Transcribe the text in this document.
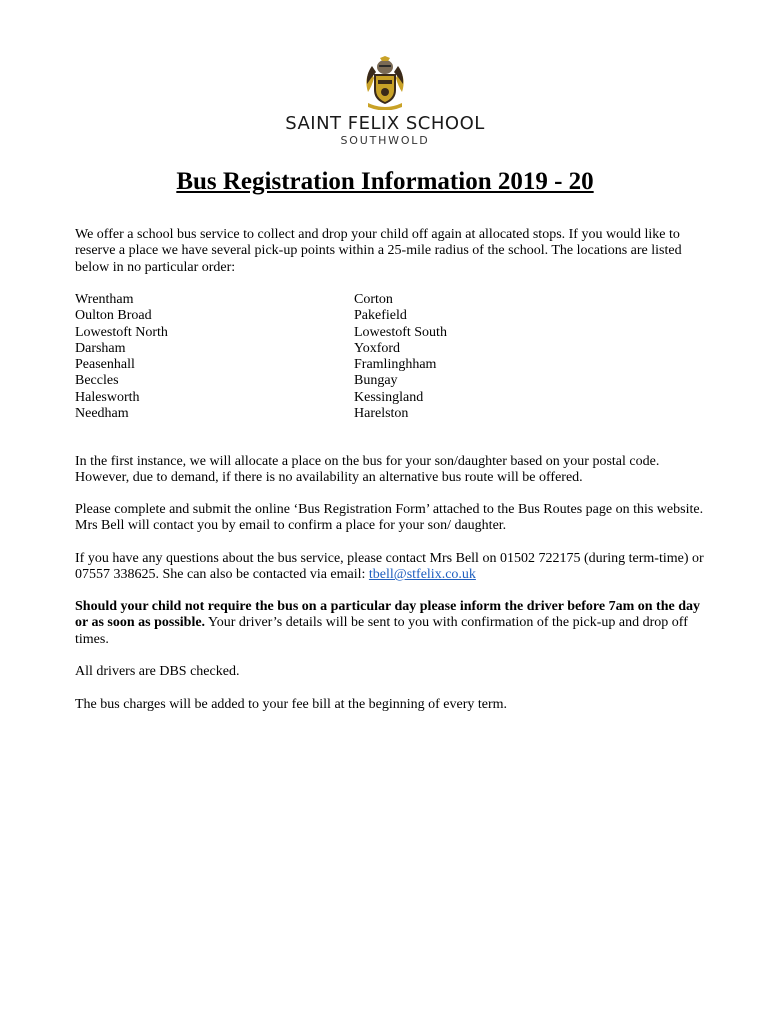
SAINT FELIX SCHOOL
SOUTHWOLD
Bus Registration Information 2019 - 20
We offer a school bus service to collect and drop your child off again at allocated stops. If you would like to reserve a place we have several pick-up points within a 25-mile radius of the school. The locations are listed below in no particular order:
Wrentham
Oulton Broad
Lowestoft North
Darsham
Peasenhall
Beccles
Halesworth
Needham
Corton
Pakefield
Lowestoft South
Yoxford
Framlinghham
Bungay
Kessingland
Harelston
In the first instance, we will allocate a place on the bus for your son/daughter based on your postal code. However, due to demand, if there is no availability an alternative bus route will be offered.
Please complete and submit the online ‘Bus Registration Form’ attached to the Bus Routes page on this website. Mrs Bell will contact you by email to confirm a place for your son/ daughter.
If you have any questions about the bus service, please contact Mrs Bell on 01502 722175 (during term-time) or 07557 338625. She can also be contacted via email: tbell@stfelix.co.uk
Should your child not require the bus on a particular day please inform the driver before 7am on the day or as soon as possible. Your driver’s details will be sent to you with confirmation of the pick-up and drop off times.
All drivers are DBS checked.
The bus charges will be added to your fee bill at the beginning of every term.
